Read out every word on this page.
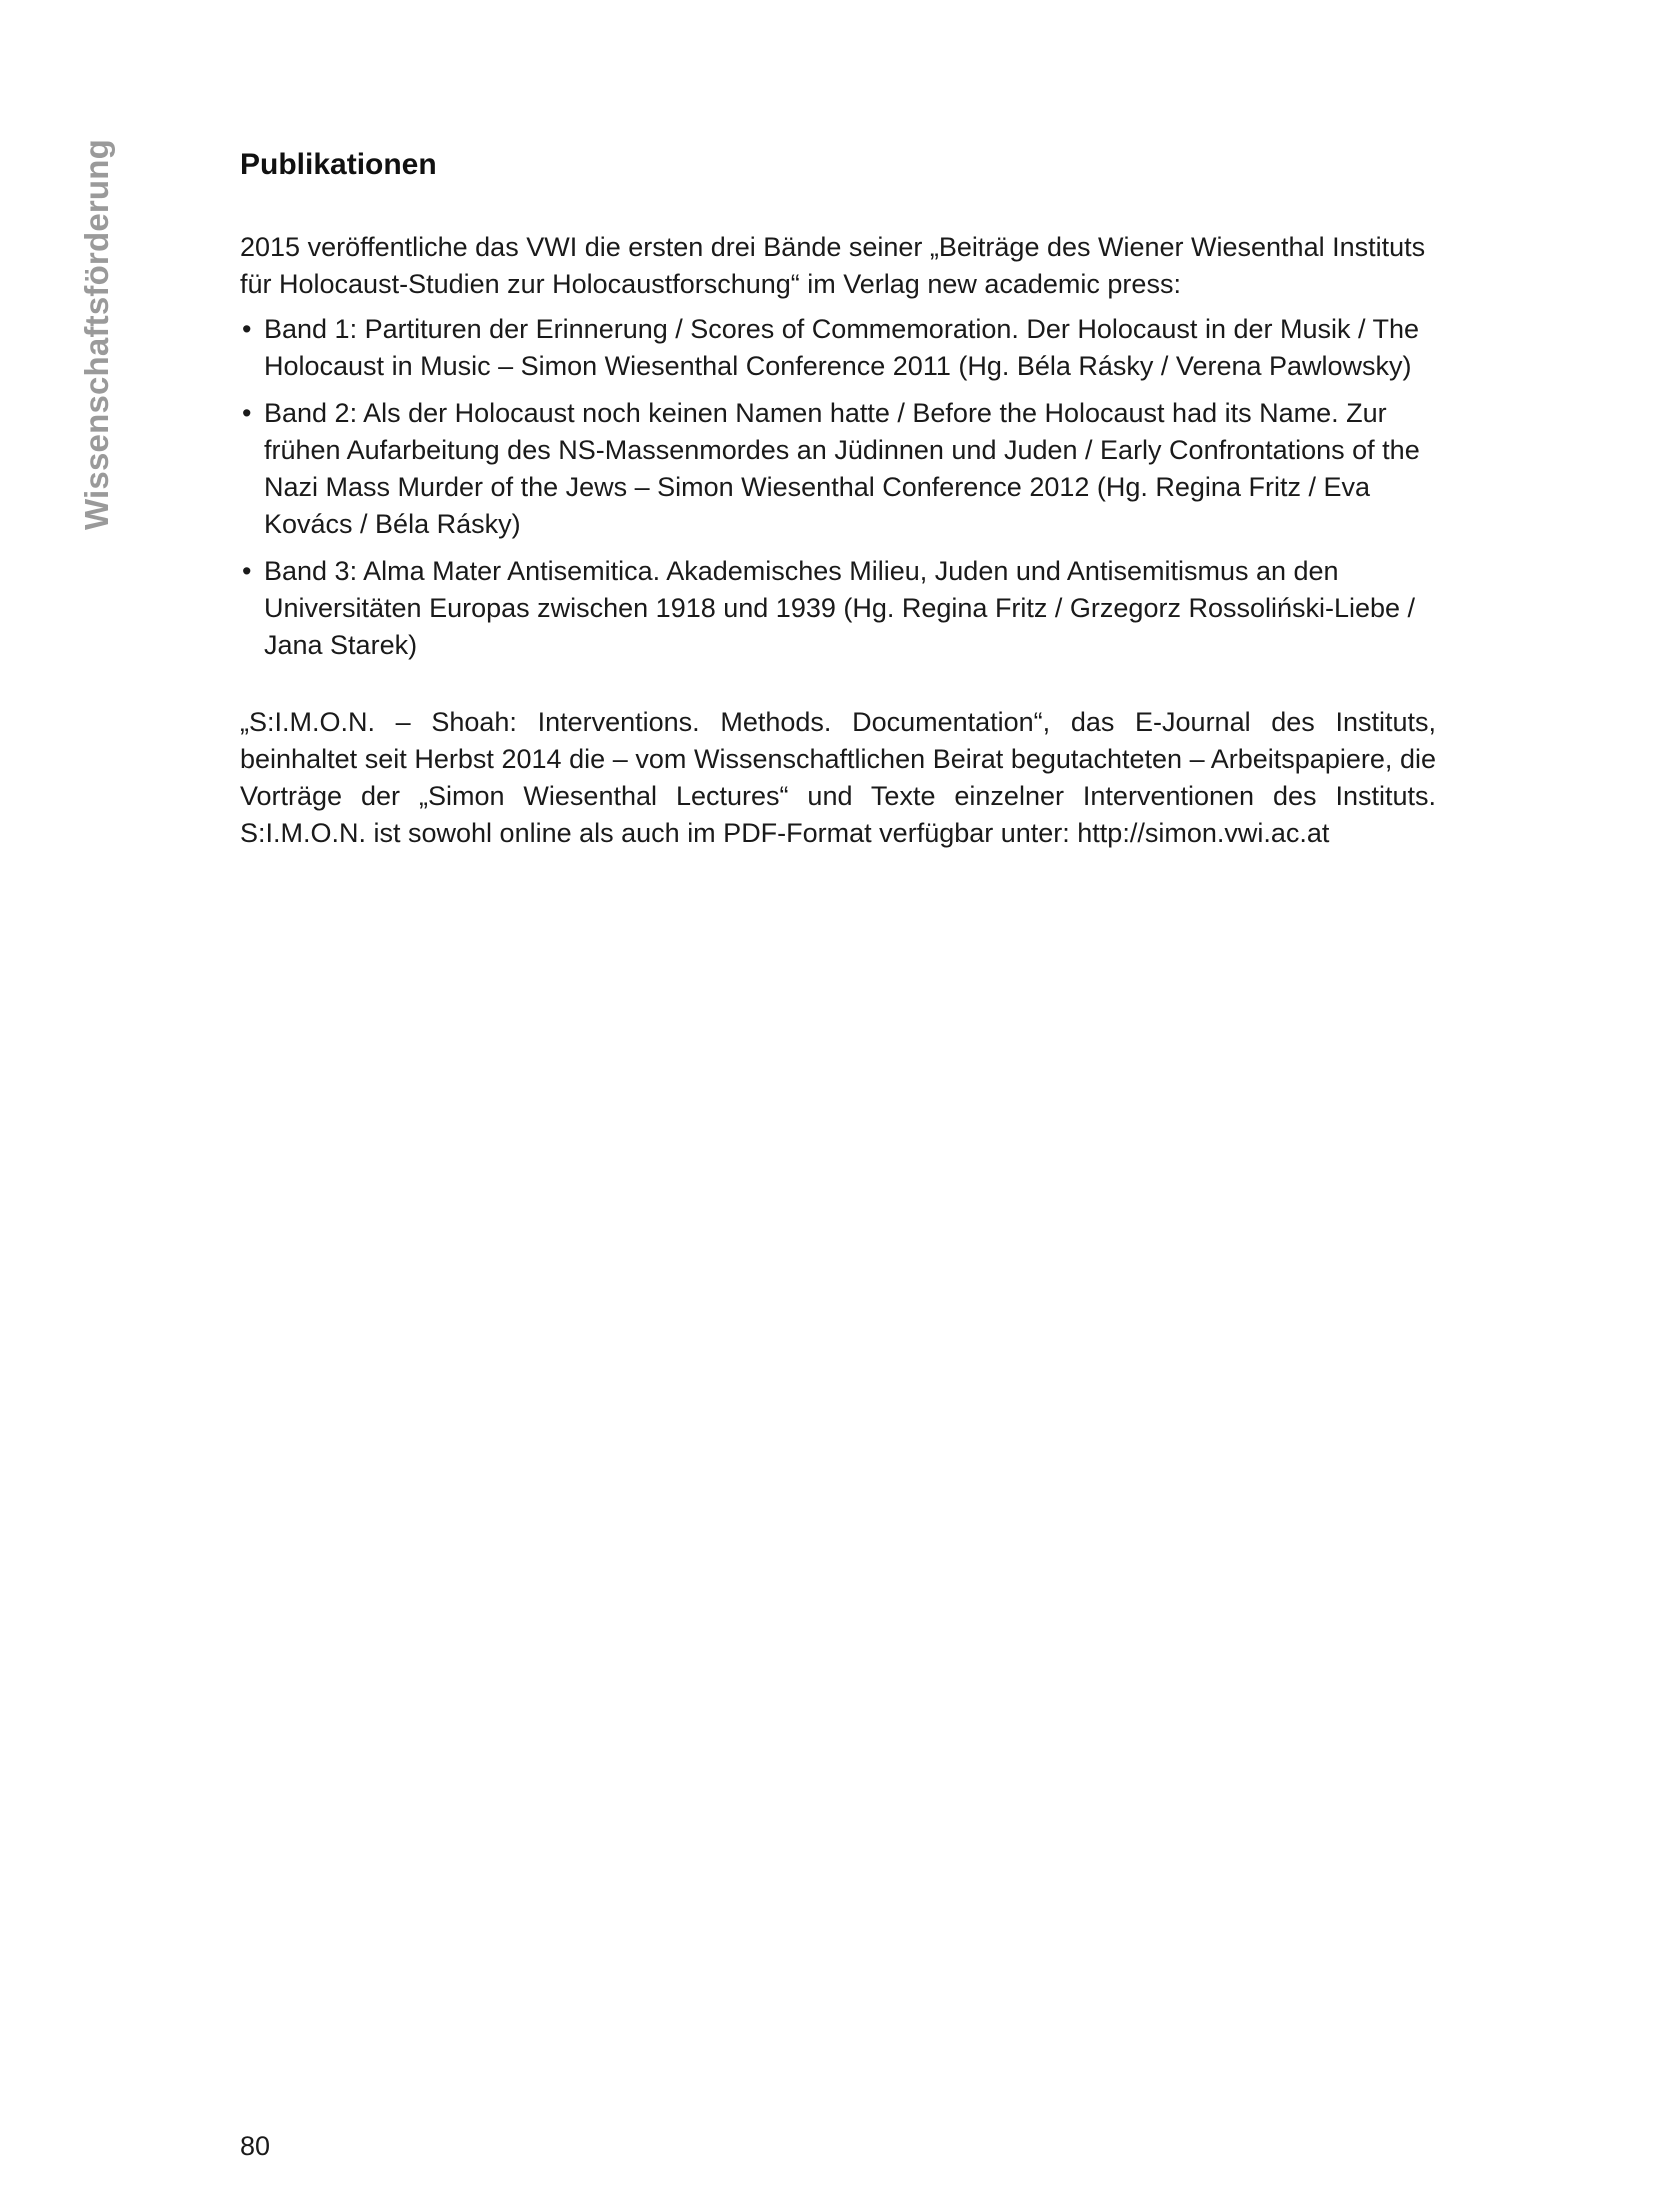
Wissenschaftsförderung	Publikationen

2015 veröffentliche das VWI die ersten drei Bände seiner „Beiträge des Wiener Wiesenthal Instituts für Holocaust-Studien zur Holocaustforschung“ im Verlag new academic press:

• Band 1: Partituren der Erinnerung / Scores of Commemoration. Der Holocaust in der Musik / The Holocaust in Music – Simon Wiesenthal Conference 2011 (Hg. Béla Rásky / Verena Pawlowsky)
• Band 2: Als der Holocaust noch keinen Namen hatte / Before the Holocaust had its Name. Zur frühen Aufarbeitung des NS-Massenmordes an Jüdinnen und Juden / Early Confrontations of the Nazi Mass Murder of the Jews – Simon Wiesenthal Conference 2012 (Hg. Regina Fritz / Eva Kovács / Béla Rásky)
• Band 3: Alma Mater Antisemitica. Akademisches Milieu, Juden und Antisemitismus an den Universitäten Europas zwischen 1918 und 1939 (Hg. Regina Fritz / Grzegorz Rossoliński-Liebe / Jana Starek)

„S:I.M.O.N. – Shoah: Interventions. Methods. Documentation“, das E-Journal des Instituts, beinhaltet seit Herbst 2014 die – vom Wissenschaftlichen Beirat begutachteten – Arbeitspapiere, die Vorträge der „Simon Wiesenthal Lectures“ und Texte einzelner Interventionen des Instituts. S:I.M.O.N. ist sowohl online als auch im PDF-Format verfügbar unter: http://simon.vwi.ac.at

80
